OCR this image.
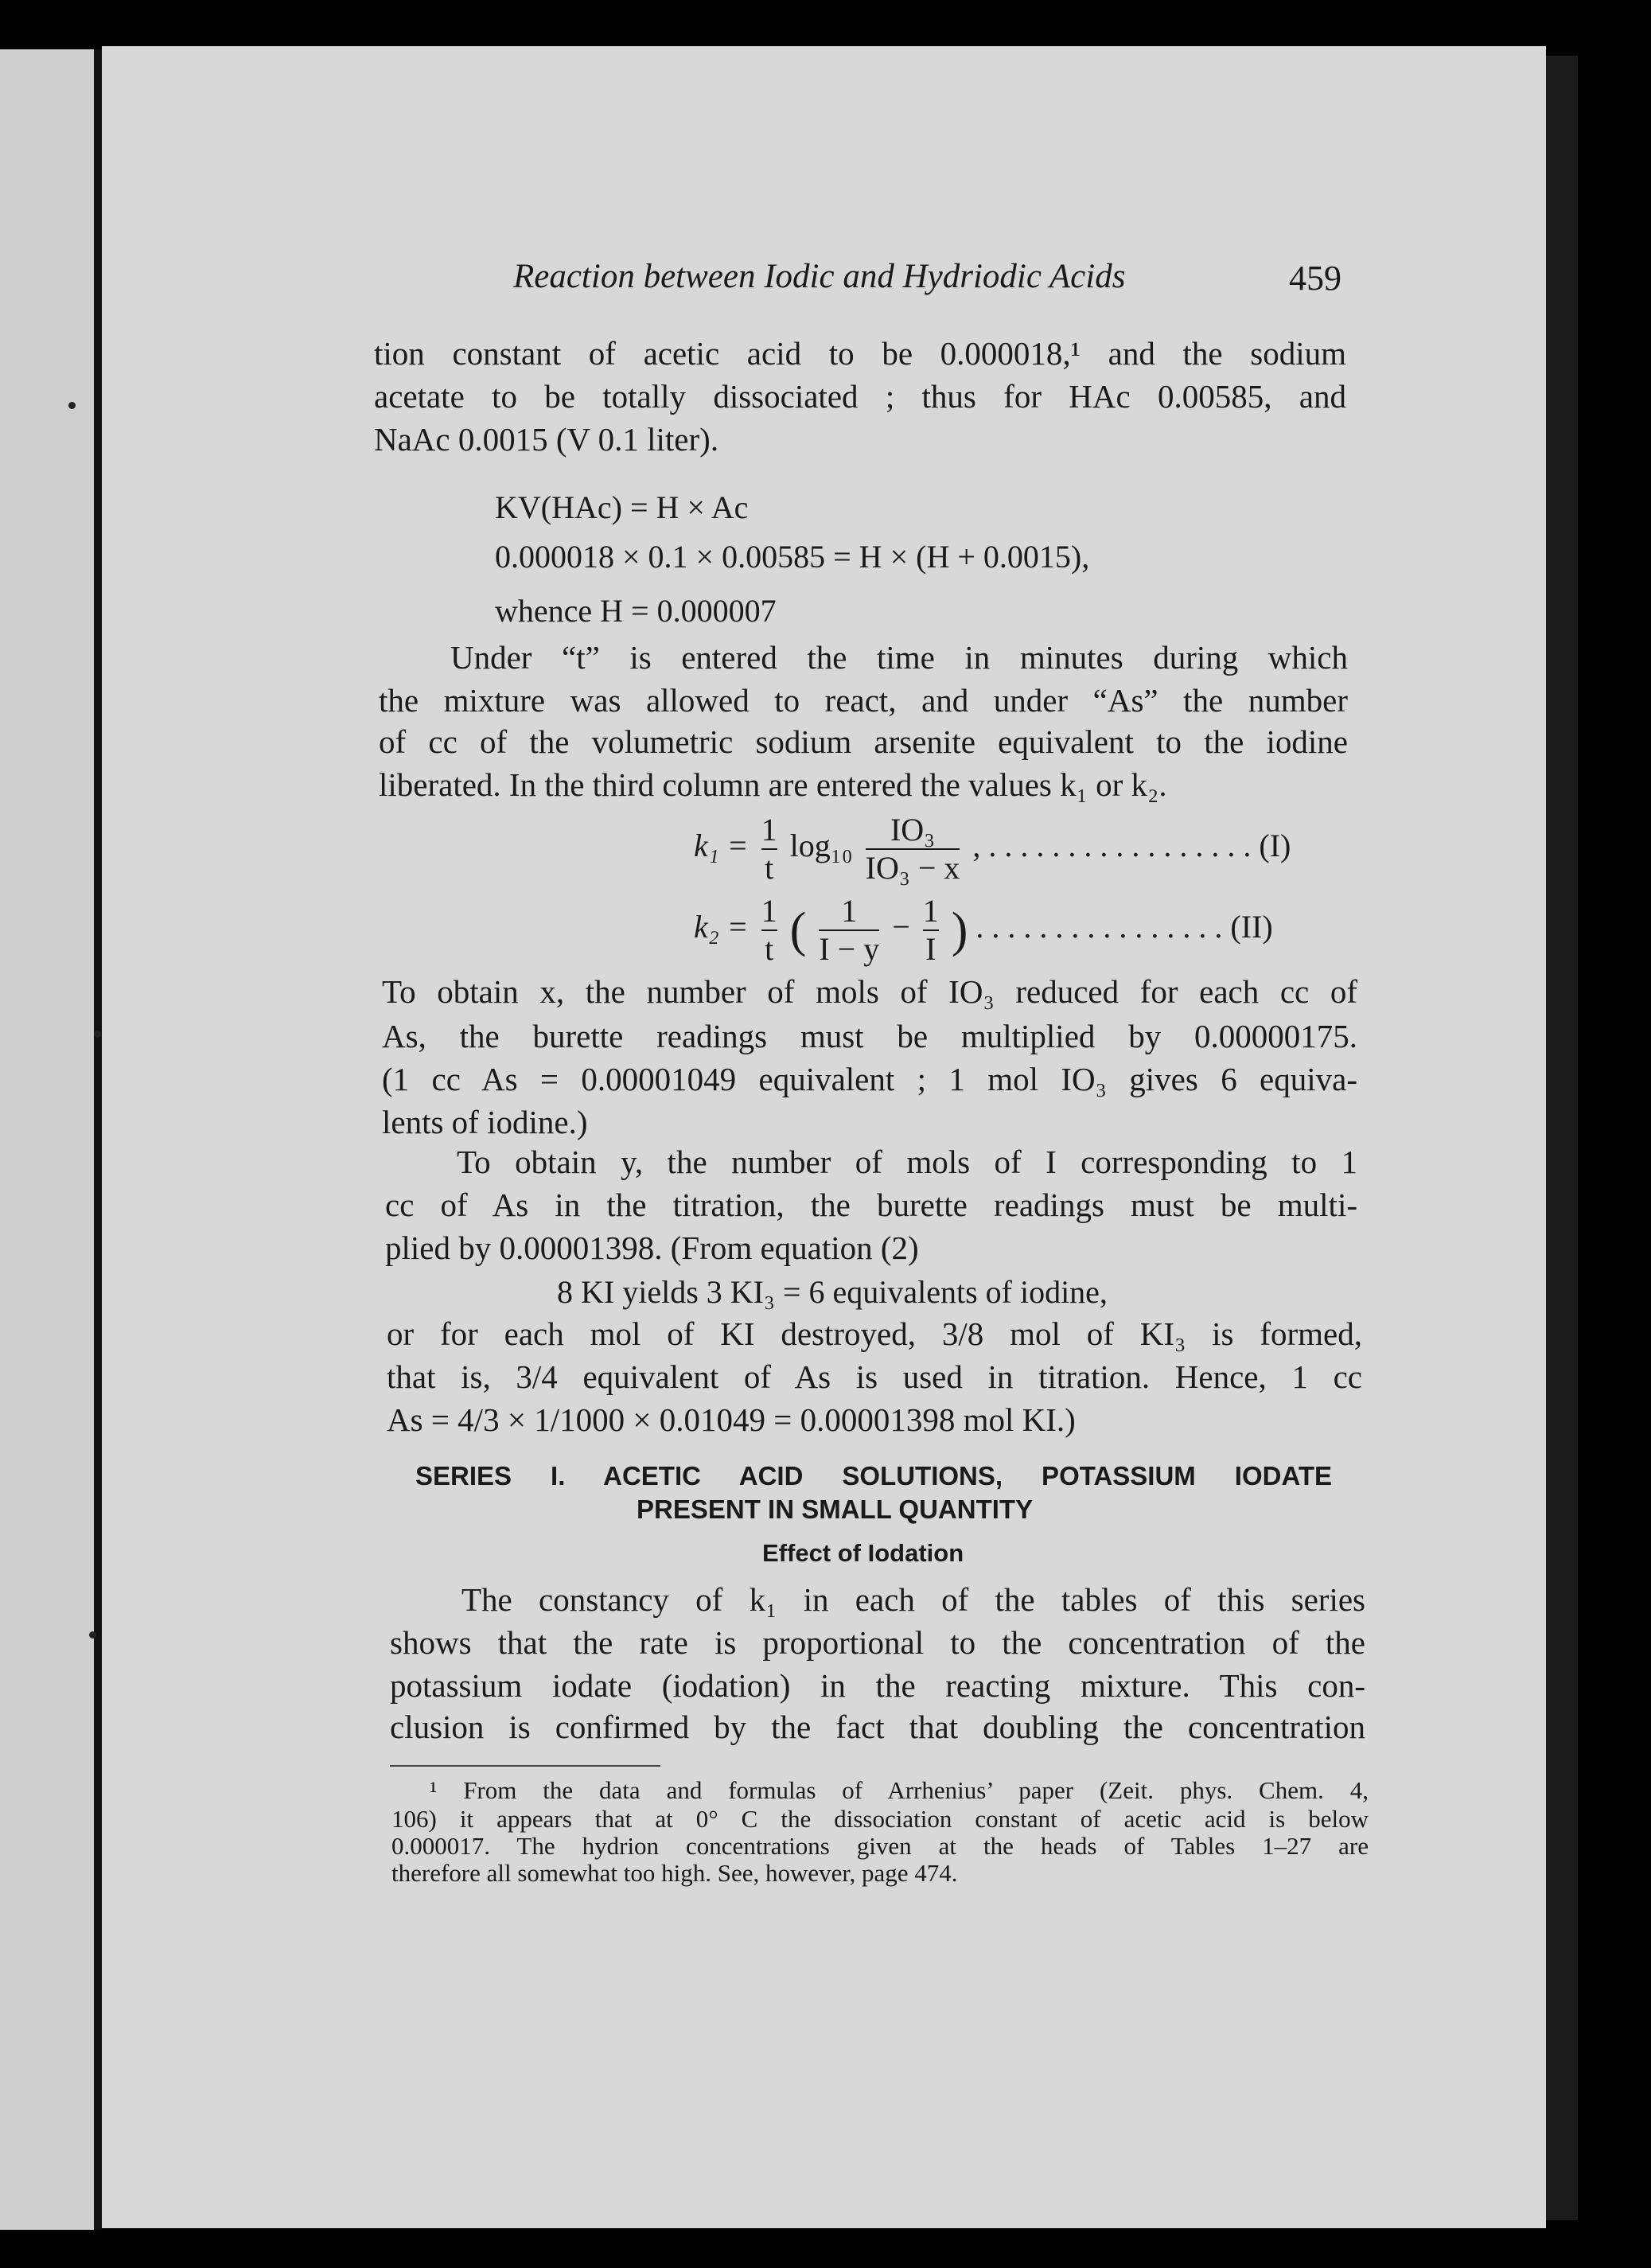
Reaction between Iodic and Hydriodic Acids	459
tion constant of acetic acid to be 0.000018,¹ and the sodium
acetate to be totally dissociated ; thus for HAc 0.00585, and
NaAc 0.0015 (V 0.1 liter).
KV(HAc) = H × Ac
0.000018 × 0.1 × 0.00585 = H × (H + 0.0015),
whence H = 0.000007
Under “t” is entered the time in minutes during which
the mixture was allowed to react, and under “As” the number
of cc of the volumetric sodium arsenite equivalent to the iodine
liberated. In the third column are entered the values k₁ or k₂.
$k_1 = \frac{1}{t} \log_{10} \frac{\text{IO₃}}{\text{IO₃ − x}}$ , . . . . . . . . . . . . . . . . . (I)
$k_2 = \frac{1}{t}$ ( $\frac{1}{I - y} - \frac{1}{I}$ ) . . . . . . . . . . . . . . . . (II)
To obtain x, the number of mols of IO₃ reduced for each cc of
As, the burette readings must be multiplied by 0.00000175.
(1 cc As = 0.00001049 equivalent ; 1 mol IO₃ gives 6 equiva-
lents of iodine.)
To obtain y, the number of mols of I corresponding to 1
cc of As in the titration, the burette readings must be multi-
plied by 0.00001398. (From equation (2)
8 KI yields 3 KI₃ = 6 equivalents of iodine,
or for each mol of KI destroyed, 3/8 mol of KI₃ is formed,
that is, 3/4 equivalent of As is used in titration. Hence, 1 cc
As = 4/3 × 1/1000 × 0.01049 = 0.00001398 mol KI.)
SERIES I. ACETIC ACID SOLUTIONS, POTASSIUM IODATE
PRESENT IN SMALL QUANTITY
Effect of Iodation
The constancy of k₁ in each of the tables of this series
shows that the rate is proportional to the concentration of the
potassium iodate (iodation) in the reacting mixture. This con-
clusion is confirmed by the fact that doubling the concentration
¹ From the data and formulas of Arrhenius’ paper (Zeit. phys. Chem. 4,
106) it appears that at 0° C the dissociation constant of acetic acid is below
0.000017. The hydrion concentrations given at the heads of Tables 1–27 are
therefore all somewhat too high. See, however, page 474.
